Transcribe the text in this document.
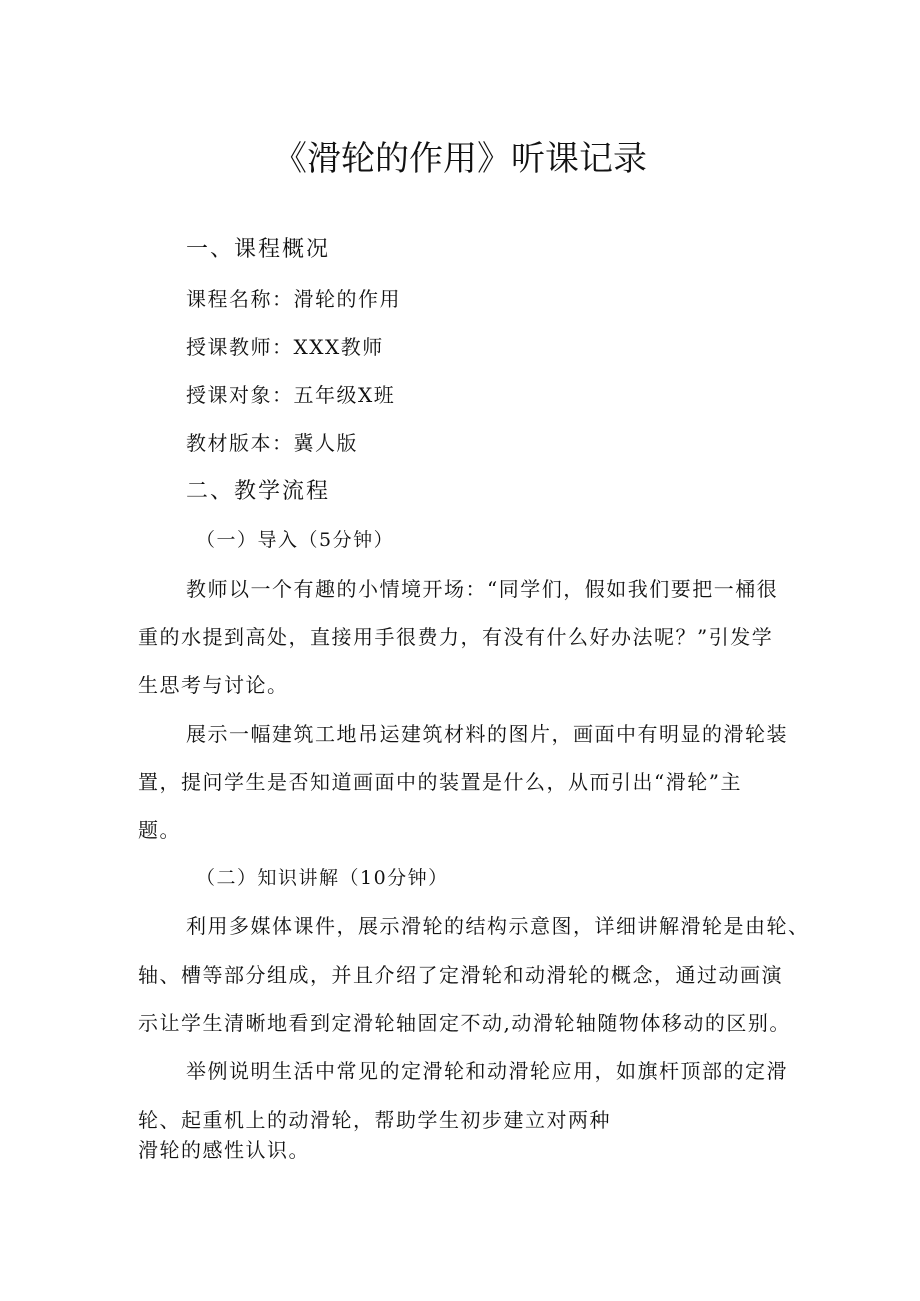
《滑轮的作用》听课记录
一、课程概况
课程名称：滑轮的作用
授课教师：XXX教师
授课对象：五年级X班
教材版本：冀人版
二、教学流程
（一）导入（5分钟）
教师以一个有趣的小情境开场：“同学们，假如我们要把一桶很
重的水提到高处，直接用手很费力，有没有什么好办法呢？”引发学
生思考与讨论。
展示一幅建筑工地吊运建筑材料的图片，画面中有明显的滑轮装
置，提问学生是否知道画面中的装置是什么，从而引出“滑轮”主
题。
（二）知识讲解（10分钟）
利用多媒体课件，展示滑轮的结构示意图，详细讲解滑轮是由轮、
轴、槽等部分组成，并且介绍了定滑轮和动滑轮的概念，通过动画演
示让学生清晰地看到定滑轮轴固定不动,动滑轮轴随物体移动的区别。
举例说明生活中常见的定滑轮和动滑轮应用，如旗杆顶部的定滑
轮、起重机上的动滑轮，帮助学生初步建立对两种
滑轮的感性认识。
